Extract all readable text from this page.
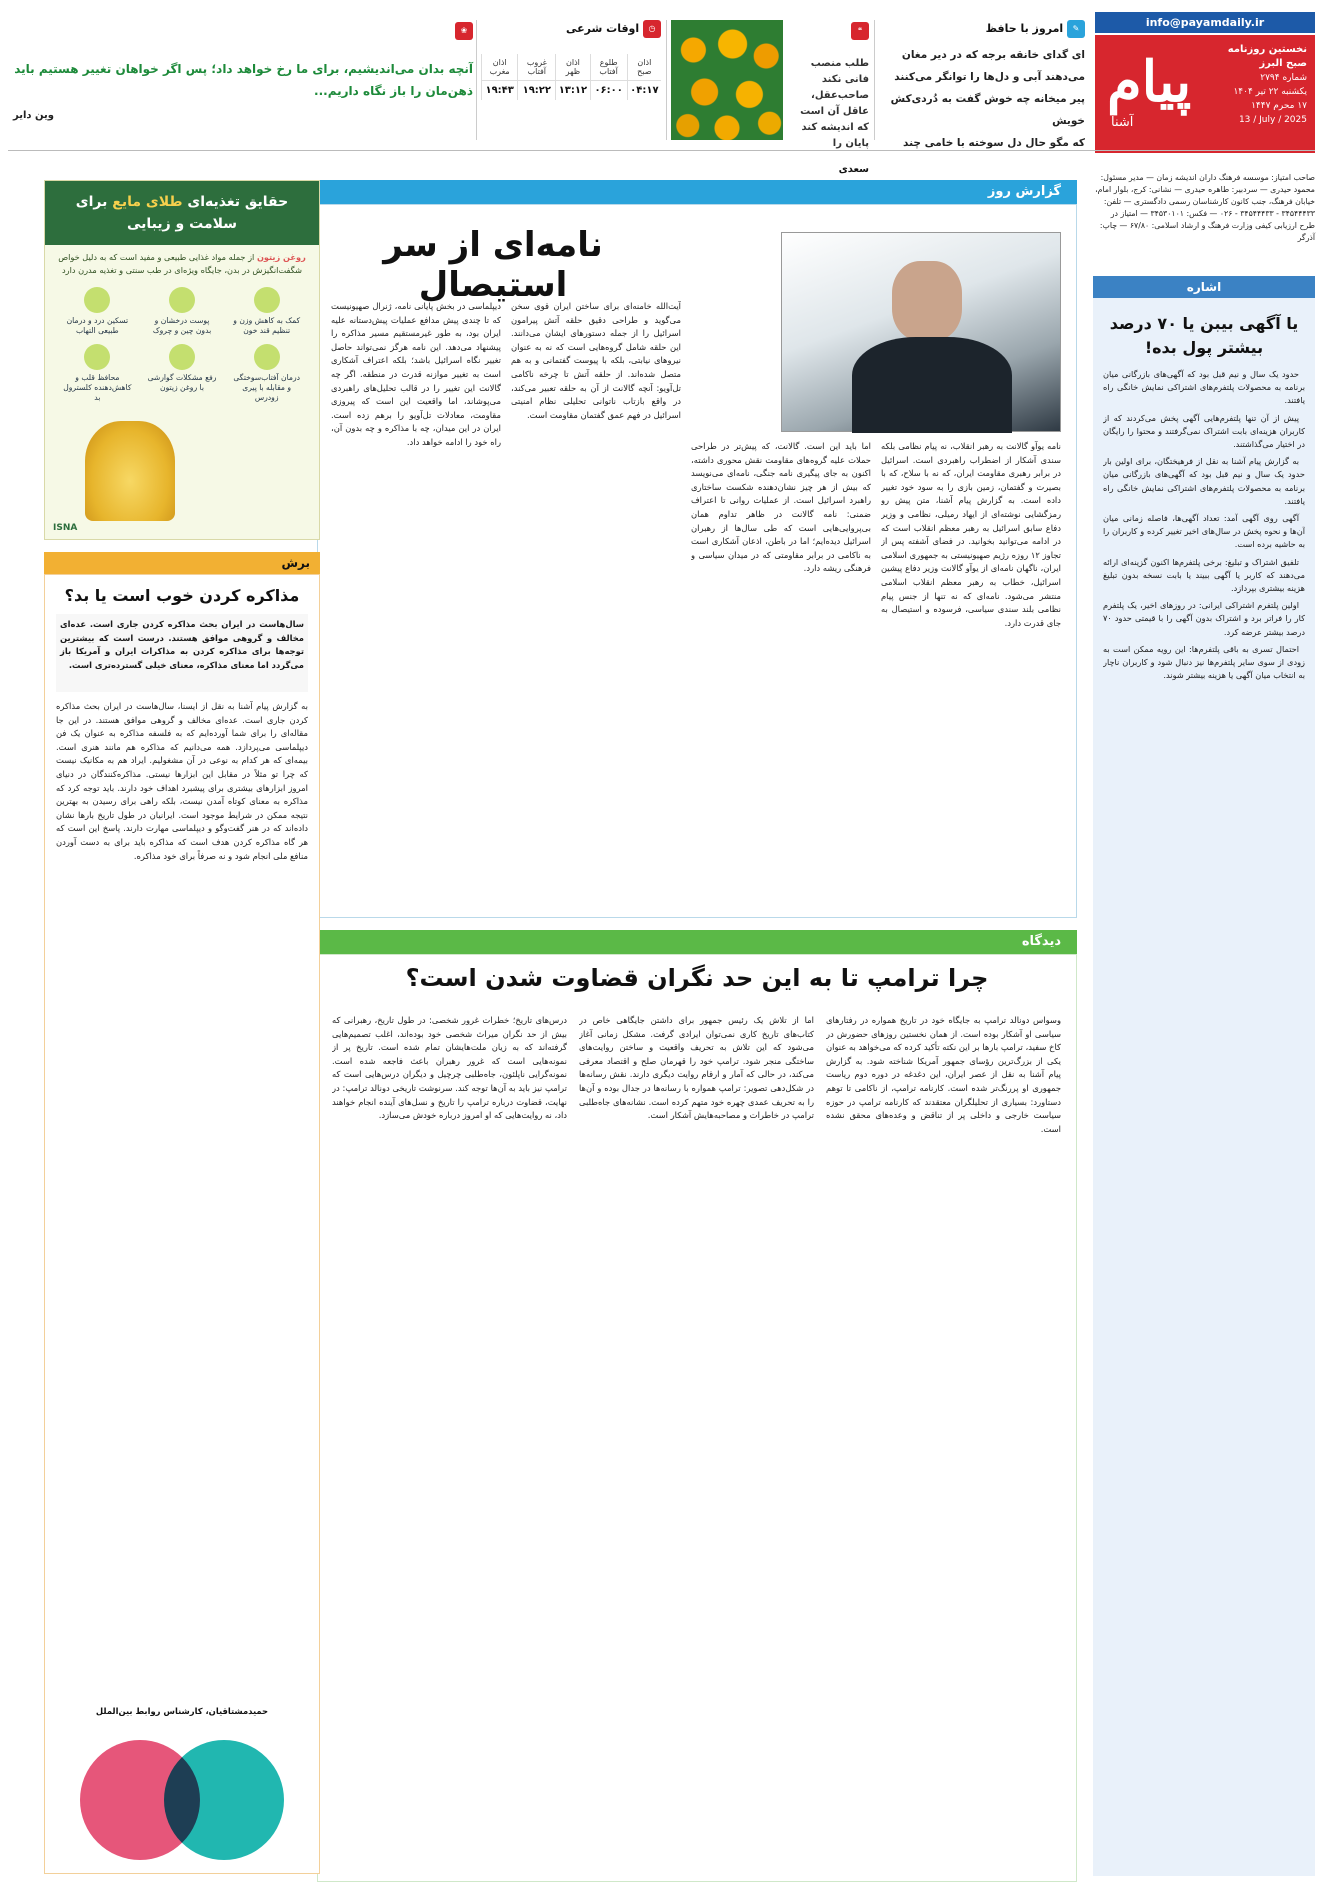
info@payamdaily.ir
پیام
آشنا
نخستین روزنامه صبح البرز
شماره ۲۷۹۴
یکشنبه ۲۲ تیر ۱۴۰۴
۱۷ محرم ۱۴۴۷
13 / July / 2025
صاحب امتیاز: موسسه فرهنگ داران اندیشه زمان — مدیر مسئول: محمود حیدری — سردبیر: طاهره حیدری — نشانی: کرج، بلوار امام، خیابان فرهنگ، جنب کانون کارشناسان رسمی دادگستری — تلفن: ۳۴۵۴۴۴۳۳ - ۳۴۵۴۴۴۳۳ - ۰۲۶ — فکس: ۳۴۵۳۰۱۰۱ — امتیاز در طرح ارزیابی کیفی وزارت فرهنگ و ارشاد اسلامی: ۶۷/۸۰ — چاپ: آذرگر
✎ امروز با حافظ
ای گدای خانقه برجه که در دیر مغان
می‌دهند آبی و دل‌ها را توانگر می‌کنند
پیر میخانه چه خوش گفت به دُردی‌کش خویش
که مگو حال دل سوخته با خامی چند
❝
طلب منصب فانی نکند صاحب‌عقل، عاقل آن است که اندیشه کند پایان را
سعدی
◷ اوقات شرعی
اذان صبح	طلوع آفتاب	اذان ظهر	غروب آفتاب	اذان مغرب
۰۴:۱۷	۰۶:۰۰	۱۳:۱۲	۱۹:۲۲	۱۹:۴۳
❀
آنچه بدان می‌اندیشیم، برای ما رخ خواهد داد؛ پس اگر خواهان تغییر هستیم باید ذهن‌مان را باز نگاه داریم...
وین دایر
اشاره
یا آگهی بیبن یا ۷۰ درصد بیشتر پول بده!

حدود یک سال و نیم قبل بود که آگهی‌های بازرگانی میان برنامه به محصولات پلتفرم‌های اشتراکی نمایش خانگی راه یافتند.

پیش از آن تنها پلتفرم‌هایی آگهی پخش می‌کردند که از کاربران هزینه‌ای بابت اشتراک نمی‌گرفتند و محتوا را رایگان در اختیار می‌گذاشتند.

به گزارش پیام آشنا به نقل از فرهیختگان، برای اولین بار حدود یک سال و نیم قبل بود که آگهی‌های بازرگانی میان برنامه به محصولات پلتفرم‌های اشتراکی نمایش خانگی راه یافتند.

آگهی روی آگهی آمد: تعداد آگهی‌ها، فاصله زمانی میان آن‌ها و نحوه پخش در سال‌های اخیر تغییر کرده و کاربران را به حاشیه برده است.

تلفیق اشتراک و تبلیغ: برخی پلتفرم‌ها اکنون گزینه‌ای ارائه می‌دهند که کاربر یا آگهی ببیند یا بابت نسخه بدون تبلیغ هزینه بیشتری بپردازد.

اولین پلتفرم اشتراکی ایرانی: در روزهای اخیر، یک پلتفرم کار را فراتر برد و اشتراک بدون آگهی را با قیمتی حدود ۷۰ درصد بیشتر عرضه کرد.

احتمال تسری به باقی پلتفرم‌ها: این رویه ممکن است به زودی از سوی سایر پلتفرم‌ها نیز دنبال شود و کاربران ناچار به انتخاب میان آگهی یا هزینه بیشتر شوند.

گزارش روز
نامه‌ای از سر استیصال
نامه یوآو گالانت به رهبر انقلاب، نه پیام نظامی بلکه سندی آشکار از اضطراب راهبردی است. اسرائیل در برابر رهبری مقاومت ایران، که نه با سلاح، که با بصیرت و گفتمان، زمین بازی را به سود خود تغییر داده است. به گزارش پیام آشنا، متن پیش رو رمزگشایی نوشته‌ای از ایهاد رمیلی، نظامی و وزیر دفاع سابق اسرائیل به رهبر معظم انقلاب است که در ادامه می‌توانید بخوانید. در فضای آشفته پس از تجاوز ۱۲ روزه رژیم صهیونیستی به جمهوری اسلامی ایران، ناگهان نامه‌ای از یوآو گالانت وزیر دفاع پیشین اسرائیل، خطاب به رهبر معظم انقلاب اسلامی منتشر می‌شود. نامه‌ای که نه تنها از جنس پیام نظامی بلند سندی سیاسی، فرسوده و استیصال به جای قدرت دارد.
اما باید این است. گالانت، که پیش‌تر در طراحی حملات علیه گروه‌های مقاومت نقش محوری داشته، اکنون به جای پیگیری نامه جنگی، نامه‌ای می‌نویسد که بیش از هر چیز نشان‌دهنده شکست ساختاری راهبرد اسرائیل است. از عملیات روانی تا اعتراف ضمنی: نامه گالانت در ظاهر تداوم همان بی‌پروایی‌هایی است که طی سال‌ها از رهبران اسرائیل دیده‌ایم؛ اما در باطن، اذعان آشکاری است به ناکامی در برابر مقاومتی که در میدان سیاسی و فرهنگی ریشه دارد.
آیت‌الله خامنه‌ای برای ساختن ایران قوی سخن می‌گوید و طراحی دقیق حلقه آتش پیرامون اسرائیل را از جمله دستورهای ایشان می‌دانند. این حلقه شامل گروه‌هایی است که نه به عنوان نیروهای نیابتی، بلکه با پیوست گفتمانی و به هم متصل شده‌اند. از حلقه آتش تا چرخه ناکامی تل‌آویو: آنچه گالانت از آن به حلقه تعبیر می‌کند، در واقع بازتاب ناتوانی تحلیلی نظام امنیتی اسرائیل در فهم عمق گفتمان مقاومت است.
دیپلماسی در بخش پایانی نامه، ژنرال صهیونیست که تا چندی پیش مدافع عملیات پیش‌دستانه علیه ایران بود، به طور غیرمستقیم مسیر مذاکره را پیشنهاد می‌دهد. این نامه هرگز نمی‌تواند حاصل تغییر نگاه اسرائیل باشد؛ بلکه اعتراف آشکاری است به تغییر موازنه قدرت در منطقه. اگر چه گالانت این تغییر را در قالب تحلیل‌های راهبردی می‌پوشاند، اما واقعیت این است که پیروزی مقاومت، معادلات تل‌آویو را برهم زده است. ایران در این میدان، چه با مذاکره و چه بدون آن، راه خود را ادامه خواهد داد.
دیدگاه
چرا ترامپ تا به این حد نگران قضاوت شدن است؟
وسواس دونالد ترامپ به جایگاه خود در تاریخ همواره در رفتارهای سیاسی او آشکار بوده است. از همان نخستین روزهای حضورش در کاخ سفید، ترامپ بارها بر این نکته تأکید کرده که می‌خواهد به عنوان یکی از بزرگ‌ترین رؤسای جمهور آمریکا شناخته شود. به گزارش پیام آشنا به نقل از عصر ایران، این دغدغه در دوره دوم ریاست جمهوری او پررنگ‌تر شده است. کارنامه ترامپ، از ناکامی تا توهم دستاورد: بسیاری از تحلیلگران معتقدند که کارنامه ترامپ در حوزه سیاست خارجی و داخلی پر از تناقض و وعده‌های محقق نشده است.
اما از تلاش یک رئیس جمهور برای داشتن جایگاهی خاص در کتاب‌های تاریخ کاری نمی‌توان ایرادی گرفت. مشکل زمانی آغاز می‌شود که این تلاش به تحریف واقعیت و ساختن روایت‌های ساختگی منجر شود. ترامپ خود را قهرمان صلح و اقتصاد معرفی می‌کند، در حالی که آمار و ارقام روایت دیگری دارند. نقش رسانه‌ها در شکل‌دهی تصویر: ترامپ همواره با رسانه‌ها در جدال بوده و آن‌ها را به تحریف عمدی چهره خود متهم کرده است. نشانه‌های جاه‌طلبی ترامپ در خاطرات و مصاحبه‌هایش آشکار است.
درس‌های تاریخ؛ خطرات غرور شخصی: در طول تاریخ، رهبرانی که بیش از حد نگران میراث شخصی خود بوده‌اند، اغلب تصمیم‌هایی گرفته‌اند که به زیان ملت‌هایشان تمام شده است. تاریخ پر از نمونه‌هایی است که غرور رهبران باعث فاجعه شده است. نمونه‌گرایی ناپلئون، جاه‌طلبی چرچیل و دیگران درس‌هایی است که ترامپ نیز باید به آن‌ها توجه کند. سرنوشت تاریخی دونالد ترامپ: در نهایت، قضاوت درباره ترامپ را تاریخ و نسل‌های آینده انجام خواهند داد، نه روایت‌هایی که او امروز درباره خودش می‌سازد.
حقایق تغذیه‌ای طلای مایع برای سلامت و زیبایی
روغن زیتون از جمله مواد غذایی طبیعی و مفید است که به دلیل خواص شگفت‌انگیزش در بدن، جایگاه ویژه‌ای در طب سنتی و تغذیه مدرن دارد
کمک به کاهش وزن و تنظیم قند خون
پوست درخشان و بدون چین و چروک
تسکین درد و درمان طبیعی التهاب
درمان آفتاب‌سوختگی و مقابله با پیری زودرس
رفع مشکلات گوارشی با روغن زیتون
محافظ قلب و کاهش‌دهنده کلسترول بد
ISNA
برش
مذاکره کردن خوب است یا بد؟
سال‌هاست در ایران بحث مذاکره کردن جاری است. عده‌ای مخالف و گروهی موافق هستند. درست است که بیشترین توجه‌ها برای مذاکره کردن به مذاکرات ایران و آمریکا باز می‌گردد اما معنای مذاکره، معنای خیلی گسترده‌تری است.
به گزارش پیام آشنا به نقل از ایسنا، سال‌هاست در ایران بحث مذاکره کردن جاری است. عده‌ای مخالف و گروهی موافق هستند. در این جا مقاله‌ای را برای شما آورده‌ایم که به فلسفه مذاکره به عنوان یک فن دیپلماسی می‌پردازد. همه می‌دانیم که مذاکره هم مانند هنری است. بیمه‌ای که هر کدام به نوعی در آن مشغولیم. ایراد هم به مکانیک نیست که چرا تو مثلاً در مقابل این ابزارها نیستی. مذاکره‌کنندگان در دنیای امروز ابزارهای بیشتری برای پیشبرد اهداف خود دارند. باید توجه کرد که مذاکره به معنای کوتاه آمدن نیست، بلکه راهی برای رسیدن به بهترین نتیجه ممکن در شرایط موجود است. ایرانیان در طول تاریخ بارها نشان داده‌اند که در هنر گفت‌وگو و دیپلماسی مهارت دارند. پاسخ این است که هر گاه مذاکره کردن هدف است که مذاکره باید برای به دست آوردن منافع ملی انجام شود و نه صرفاً برای خود مذاکره.
حمیدمشتاقیان، کارشناس روابط بین‌الملل
